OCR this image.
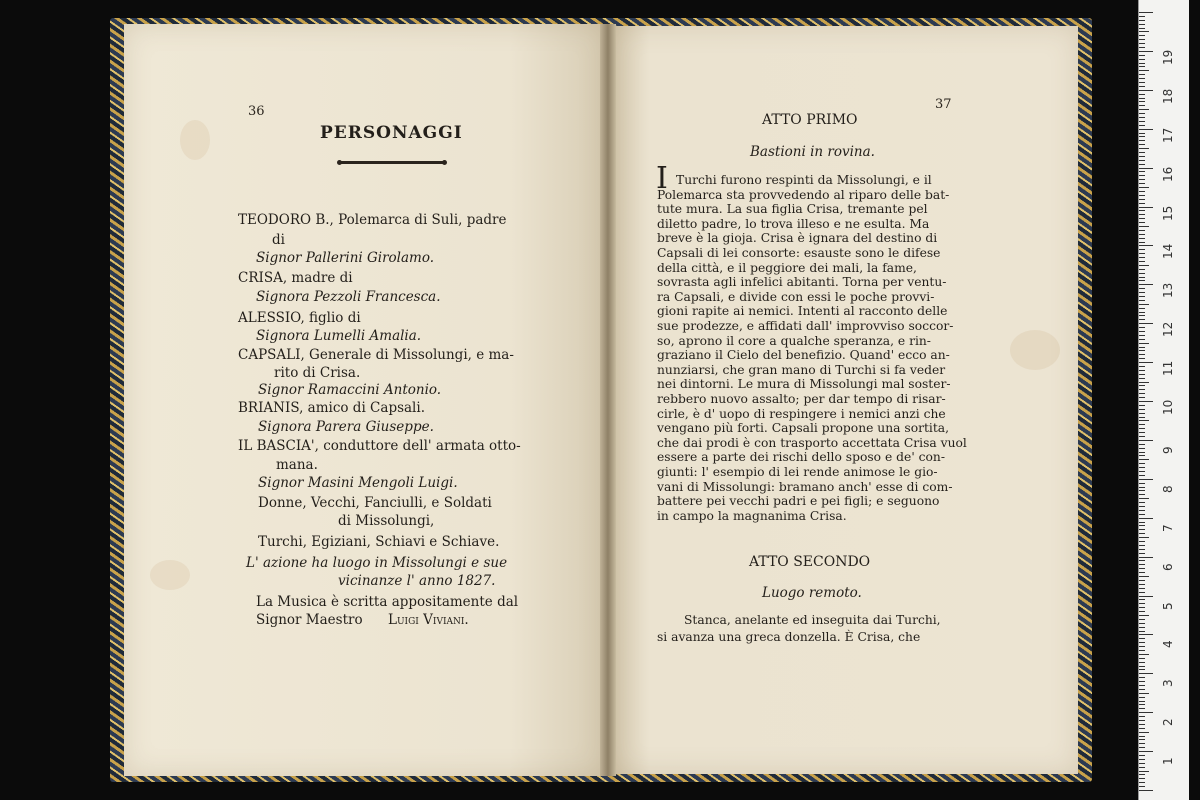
36
PERSONAGGI
TEODORO B., Polemarca di Suli, padre
di
Signor Pallerini Girolamo.
CRISA, madre di
Signora Pezzoli Francesca.
ALESSIO, figlio di
Signora Lumelli Amalia.
CAPSALI, Generale di Missolungi, e ma-
rito di Crisa.
Signor Ramaccini Antonio.
BRIANIS, amico di Capsali.
Signora Parera Giuseppe.
IL BASCIA', conduttore dell' armata otto-
mana.
Signor Masini Mengoli Luigi.
Donne, Vecchi, Fanciulli, e Soldati
di Missolungi,
Turchi, Egiziani, Schiavi e Schiave.
L' azione ha luogo in Missolungi e sue
vicinanze l' anno 1827.
La Musica è scritta appositamente dal
Signor Maestro Luigi Viviani.
37
ATTO PRIMO
Bastioni in rovina.
I
ATTO SECONDO
Luogo remoto.
Turchi furono respinti da Missolungi, e il
Polemarca sta provvedendo al riparo delle bat-
tute mura. La sua figlia Crisa, tremante pel
diletto padre, lo trova illeso e ne esulta. Ma
breve è la gioja. Crisa è ignara del destino di
Capsali di lei consorte: esauste sono le difese
della città, e il peggiore dei mali, la fame,
sovrasta agli infelici abitanti. Torna per ventu-
ra Capsali, e divide con essi le poche provvi-
gioni rapite ai nemici. Intenti al racconto delle
sue prodezze, e affidati dall' improvviso soccor-
so, aprono il core a qualche speranza, e rin-
graziano il Cielo del benefizio. Quand' ecco an-
nunziarsi, che gran mano di Turchi si fa veder
nei dintorni. Le mura di Missolungi mal soster-
rebbero nuovo assalto; per dar tempo di risar-
cirle, è d' uopo di respingere i nemici anzi che
vengano più forti. Capsali propone una sortita,
che dai prodi è con trasporto accettata Crisa vuol
essere a parte dei rischi dello sposo e de' con-
giunti: l' esempio di lei rende animose le gio-
vani di Missolungi: bramano anch' esse di com-
battere pei vecchi padri e pei figli; e seguono
in campo la magnanima Crisa.
Stanca, anelante ed inseguita dai Turchi,
si avanza una greca donzella. È Crisa, che
19
18
17
16
15
14
13
12
11
10
9
8
7
6
5
4
3
2
1
